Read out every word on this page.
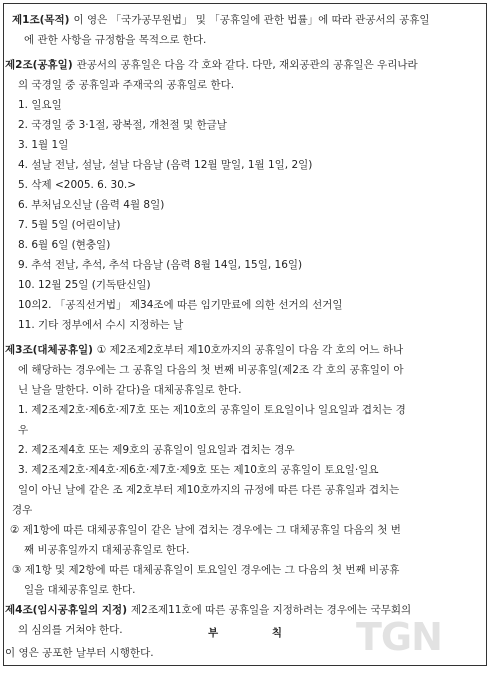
제1조(목적) 이 영은 「국가공무원법」 및 「공휴일에 관한 법률」에 따라 관공서의 공휴일
에 관한 사항을 규정함을 목적으로 한다.
제2조(공휴일) 관공서의 공휴일은 다음 각 호와 같다. 다만, 재외공관의 공휴일은 우리나라
의 국경일 중 공휴일과 주재국의 공휴일로 한다.
1. 일요일
2. 국경일 중 3·1절, 광복절, 개천절 및 한글날
3. 1월 1일
4. 설날 전날, 설날, 설날 다음날 (음력 12월 말일, 1월 1일, 2일)
5. 삭제 <2005. 6. 30.>
6. 부처님오신날 (음력 4월 8일)
7. 5월 5일 (어린이날)
8. 6월 6일 (현충일)
9. 추석 전날, 추석, 추석 다음날 (음력 8월 14일, 15일, 16일)
10. 12월 25일 (기독탄신일)
10의2. 「공직선거법」 제34조에 따른 임기만료에 의한 선거의 선거일
11. 기타 정부에서 수시 지정하는 날
제3조(대체공휴일) ① 제2조제2호부터 제10호까지의 공휴일이 다음 각 호의 어느 하나
에 해당하는 경우에는 그 공휴일 다음의 첫 번째 비공휴일(제2조 각 호의 공휴일이 아
닌 날을 말한다. 이하 같다)을 대체공휴일로 한다.
1. 제2조제2호·제6호·제7호 또는 제10호의 공휴일이 토요일이나 일요일과 겹치는 경
우
2. 제2조제4호 또는 제9호의 공휴일이 일요일과 겹치는 경우
3. 제2조제2호·제4호·제6호·제7호·제9호 또는 제10호의 공휴일이 토요일·일요
일이 아닌 날에 같은 조 제2호부터 제10호까지의 규정에 따른 다른 공휴일과 겹치는
경우
② 제1항에 따른 대체공휴일이 같은 날에 겹치는 경우에는 그 대체공휴일 다음의 첫 번
째 비공휴일까지 대체공휴일로 한다.
③ 제1항 및 제2항에 따른 대체공휴일이 토요일인 경우에는 그 다음의 첫 번째 비공휴
일을 대체공휴일로 한다.
제4조(임시공휴일의 지정) 제2조제11호에 따른 공휴일을 지정하려는 경우에는 국무회의
의 심의를 거쳐야 한다.	부 칙
이 영은 공포한 날부터 시행한다.	TGN
